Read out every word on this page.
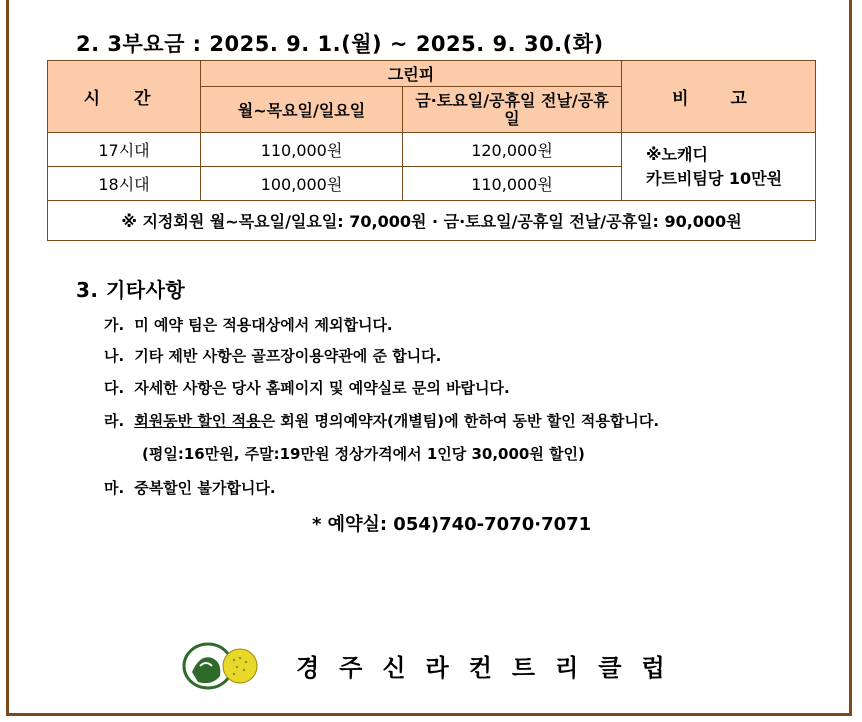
2. 3부요금 : 2025. 9. 1.(월) ~ 2025. 9. 30.(화)
시 간	그린피		비 고
	월~목요일/일요일	금·토요일/공휴일 전날/공휴일	
17시대	110,000원	120,000원	※노캐디
카트비팀당 10만원
18시대	100,000원	110,000원	
※ 지정회원 월~목요일/일요일: 70,000원 · 금·토요일/공휴일 전날/공휴일: 90,000원			
3. 기타사항
가. 미 예약 팀은 적용대상에서 제외합니다.
나. 기타 제반 사항은 골프장이용약관에 준 합니다.
다. 자세한 사항은 당사 홈페이지 및 예약실로 문의 바랍니다.
라. 회원동반 할인 적용은 회원 명의예약자(개별팀)에 한하여 동반 할인 적용합니다.
(평일:16만원, 주말:19만원 정상가격에서 1인당 30,000원 할인)
마. 중복할인 불가합니다.
* 예약실: 054)740-7070·7071
경주신라컨트리클럽
